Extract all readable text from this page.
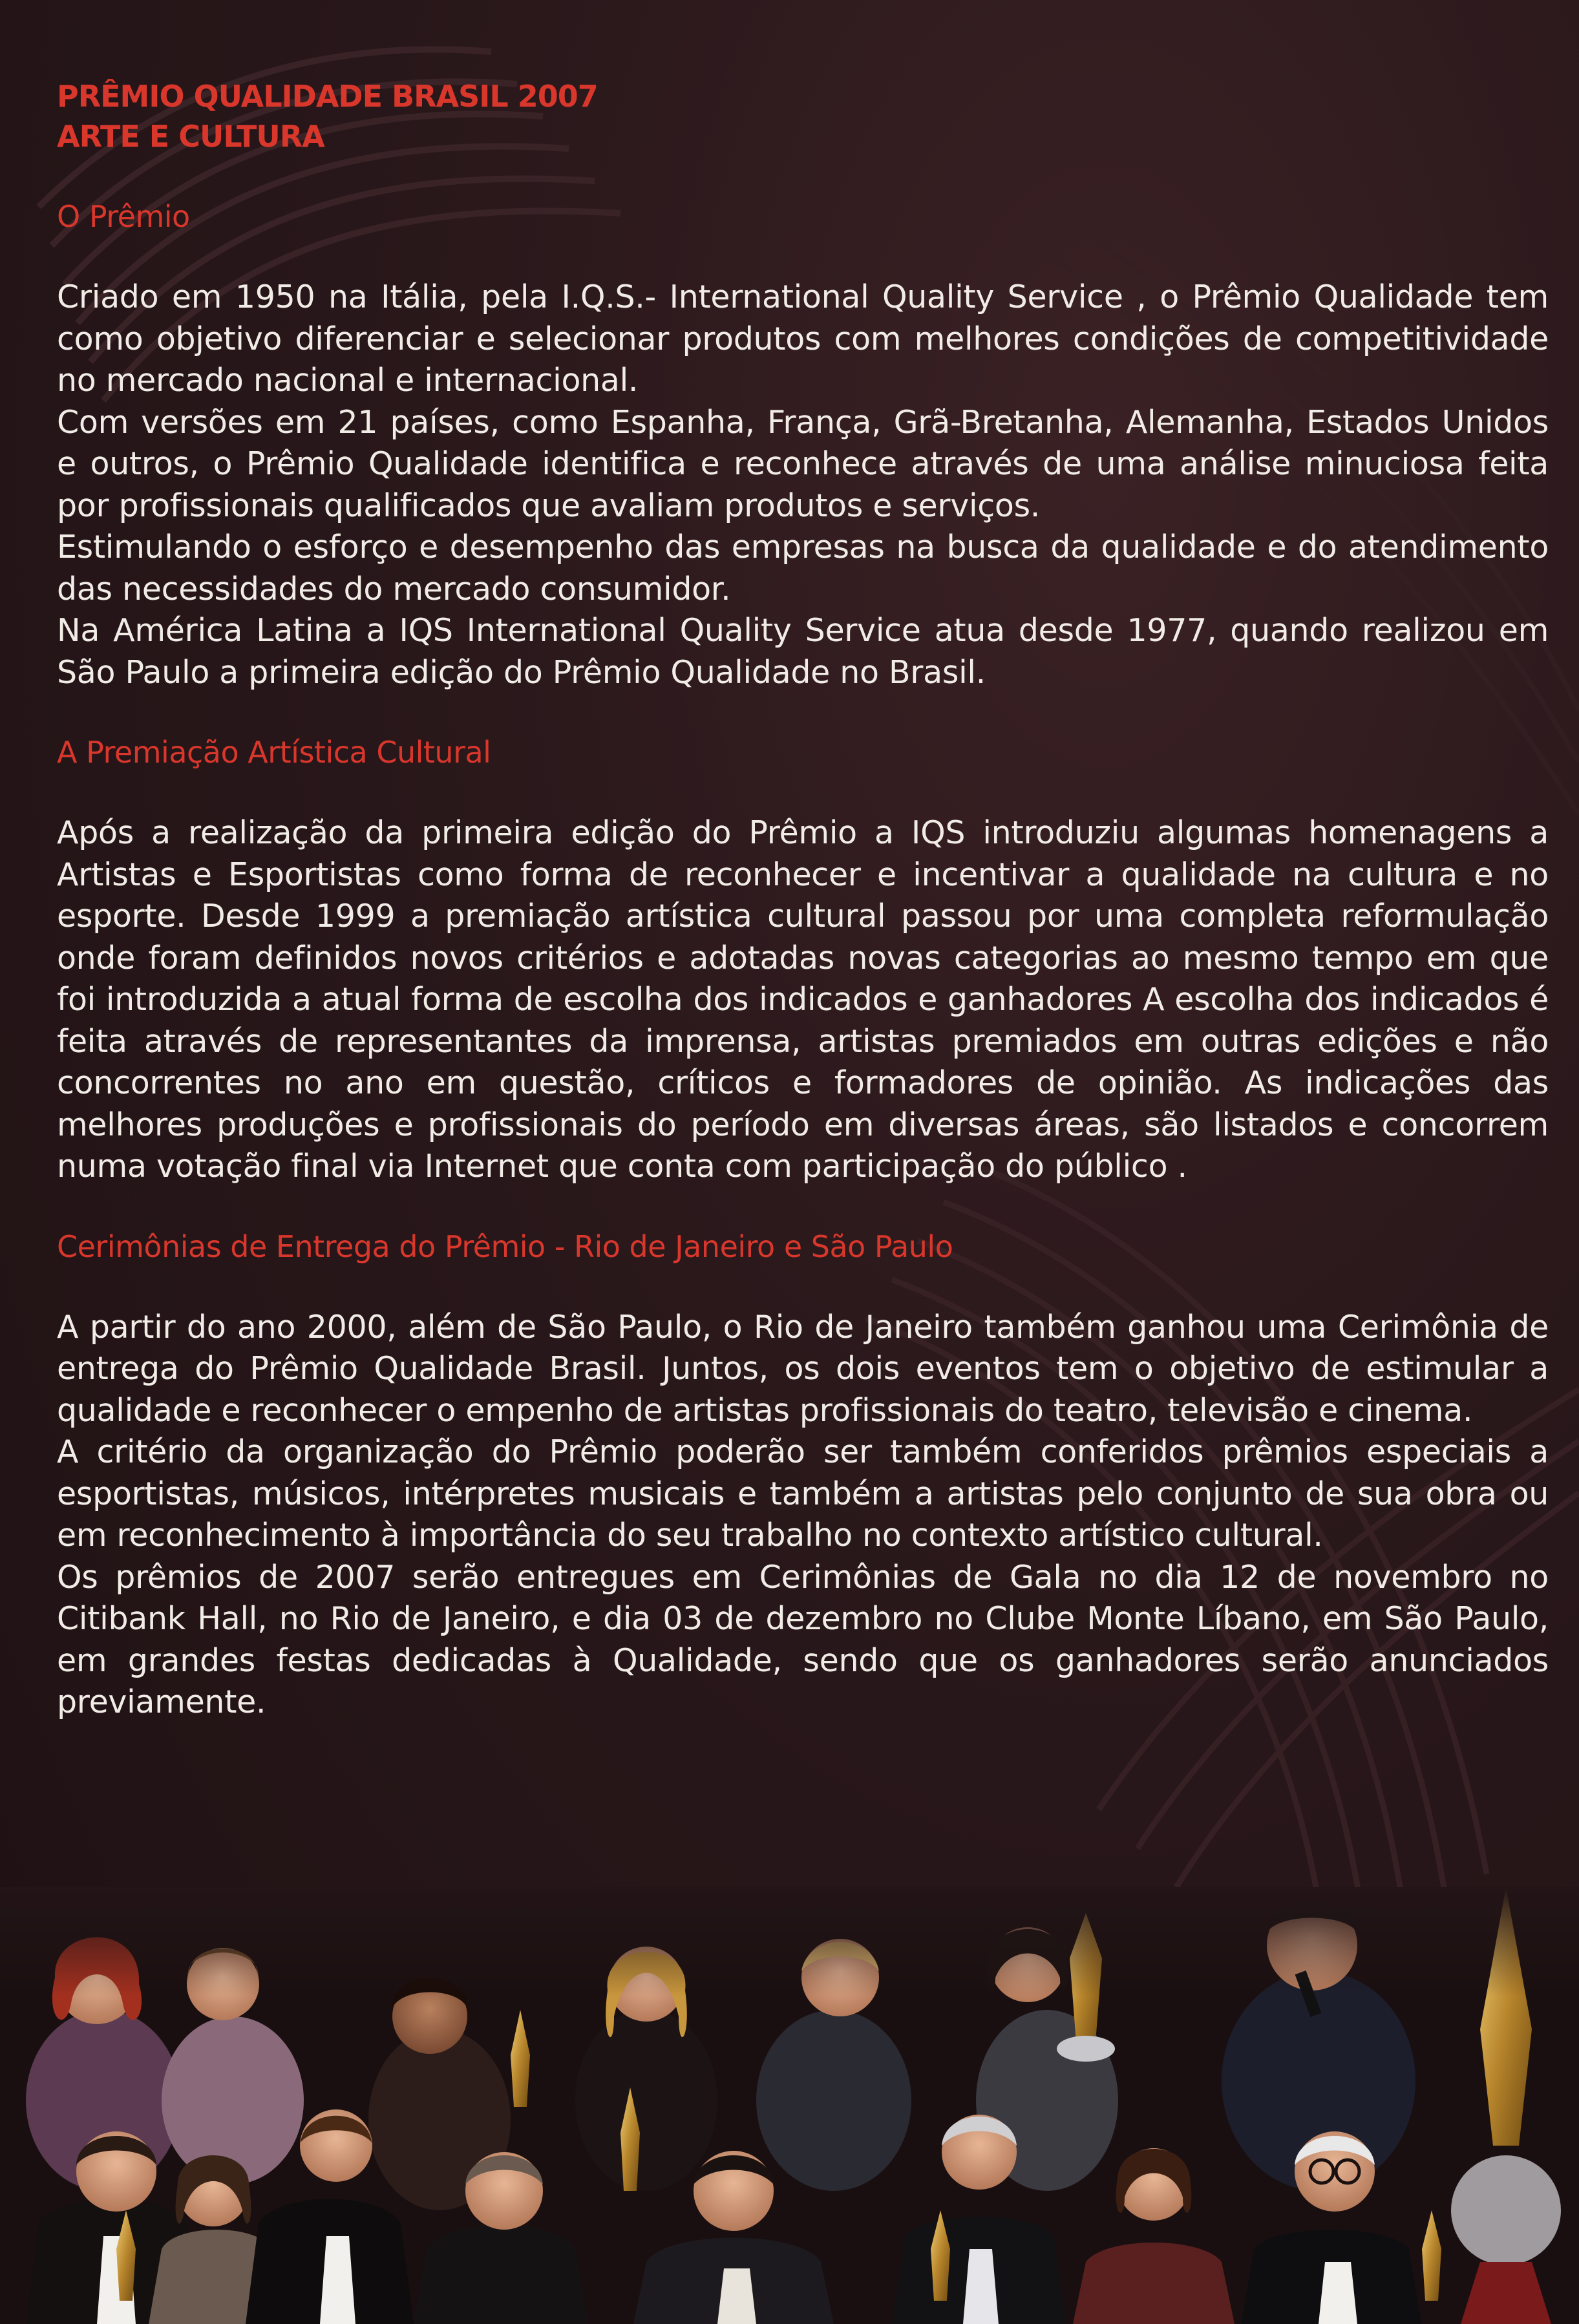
PRÊMIO QUALIDADE BRASIL 2007

ARTE E CULTURA

O Prêmio

Criado em 1950 na Itália, pela I.Q.S.- International Quality Service , o Prêmio Qualidade tem como objetivo diferenciar e selecionar produtos com melhores condições de competitividade no mercado nacional e internacional.

Com versões em 21 países, como Espanha, França, Grã-Bretanha, Alemanha, Estados Unidos e outros, o Prêmio Qualidade identifica e reconhece através de uma análise minuciosa feita por profissionais qualificados que avaliam produtos e serviços.

Estimulando o esforço e desempenho das empresas na busca da qualidade e do atendimento das necessidades do mercado consumidor.

Na América Latina a IQS International Quality Service atua desde 1977, quando realizou em São Paulo a primeira edição do Prêmio Qualidade no Brasil.

A Premiação Artística Cultural

Após a realização da primeira edição do Prêmio a IQS introduziu algumas homenagens a Artistas e Esportistas como forma de reconhecer e incentivar a qualidade na cultura e no esporte. Desde 1999 a premiação artística cultural passou por uma completa reformulação onde foram definidos novos critérios e adotadas novas categorias ao mesmo tempo em que foi introduzida a atual forma de escolha dos indicados e ganhadores A escolha dos indicados é feita através de representantes da imprensa, artistas premiados em outras edições e não concorrentes no ano em questão, críticos e formadores de opinião. As indicações das melhores produções e profissionais do período em diversas áreas, são listados e concorrem numa votação final via Internet que conta com participação do público .

Cerimônias de Entrega do Prêmio - Rio de Janeiro e São Paulo

A partir do ano 2000, além de São Paulo, o Rio de Janeiro também ganhou uma Cerimônia de entrega do Prêmio Qualidade Brasil. Juntos, os dois eventos tem o objetivo de estimular a qualidade e reconhecer o empenho de artistas profissionais do teatro, televisão e cinema.

A critério da organização do Prêmio poderão ser também conferidos prêmios especiais a esportistas, músicos, intérpretes musicais e também a artistas pelo conjunto de sua obra ou em reconhecimento à importância do seu trabalho no contexto artístico cultural.

Os prêmios de 2007 serão entregues em Cerimônias de Gala no dia 12 de novembro no Citibank Hall, no Rio de Janeiro, e dia 03 de dezembro no Clube Monte Líbano, em São Paulo, em grandes festas dedicadas à Qualidade, sendo que os ganhadores serão anunciados previamente.
